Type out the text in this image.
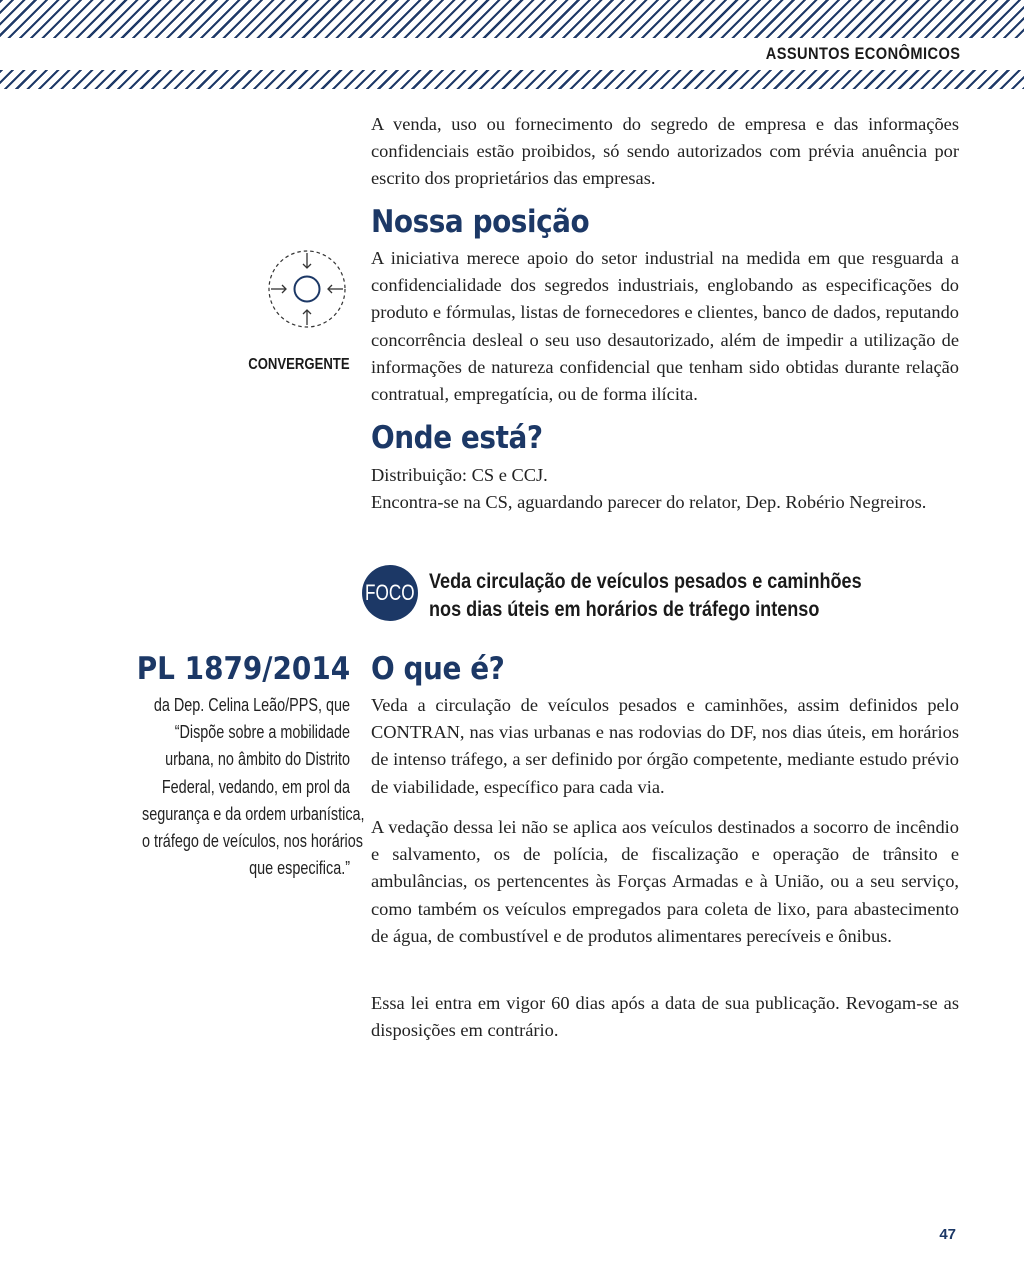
ASSUNTOS ECONÔMICOS

A venda, uso ou fornecimento do segredo de empresa e das informações confidenciais estão proibidos, só sendo autorizados com prévia anuência por escrito dos proprietários das empresas.

Nossa posição
CONVERGENTE

A iniciativa merece apoio do setor industrial na medida em que resguarda a confidencialidade dos segredos industriais, englobando as especificações do produto e fórmulas, listas de fornecedores e clientes, banco de dados, reputando concorrência desleal o seu uso desautorizado, além de impedir a utilização de informações de natureza confidencial que tenham sido obtidas durante relação contratual, empregatícia, ou de forma ilícita.

Onde está?

Distribuição: CS e CCJ.

Encontra-se na CS, aguardando parecer do relator, Dep. Robério Negreiros.

FOCO Veda circulação de veículos pesados e caminhões
nos dias úteis em horários de tráfego intenso
PL 1879/2014
da Dep. Celina Leão/PPS, que
“Dispõe sobre a mobilidade
urbana, no âmbito do Distrito
Federal, vedando, em prol da
segurança e da ordem urbanística,
o tráfego de veículos, nos horários
que especifica.”
O que é?

Veda a circulação de veículos pesados e caminhões, assim definidos pelo CONTRAN, nas vias urbanas e nas rodovias do DF, nos dias úteis, em horários de intenso tráfego, a ser definido por órgão competente, mediante estudo prévio de viabilidade, específico para cada via.

A vedação dessa lei não se aplica aos veículos destinados a socorro de incêndio e salvamento, os de polícia, de fiscalização e operação de trânsito e ambulâncias, os pertencentes às Forças Armadas e à União, ou a seu serviço, como também os veículos empregados para coleta de lixo, para abastecimento de água, de combustível e de produtos alimentares perecíveis e ônibus.

Essa lei entra em vigor 60 dias após a data de sua publicação. Revogam-se as disposições em contrário.

47
